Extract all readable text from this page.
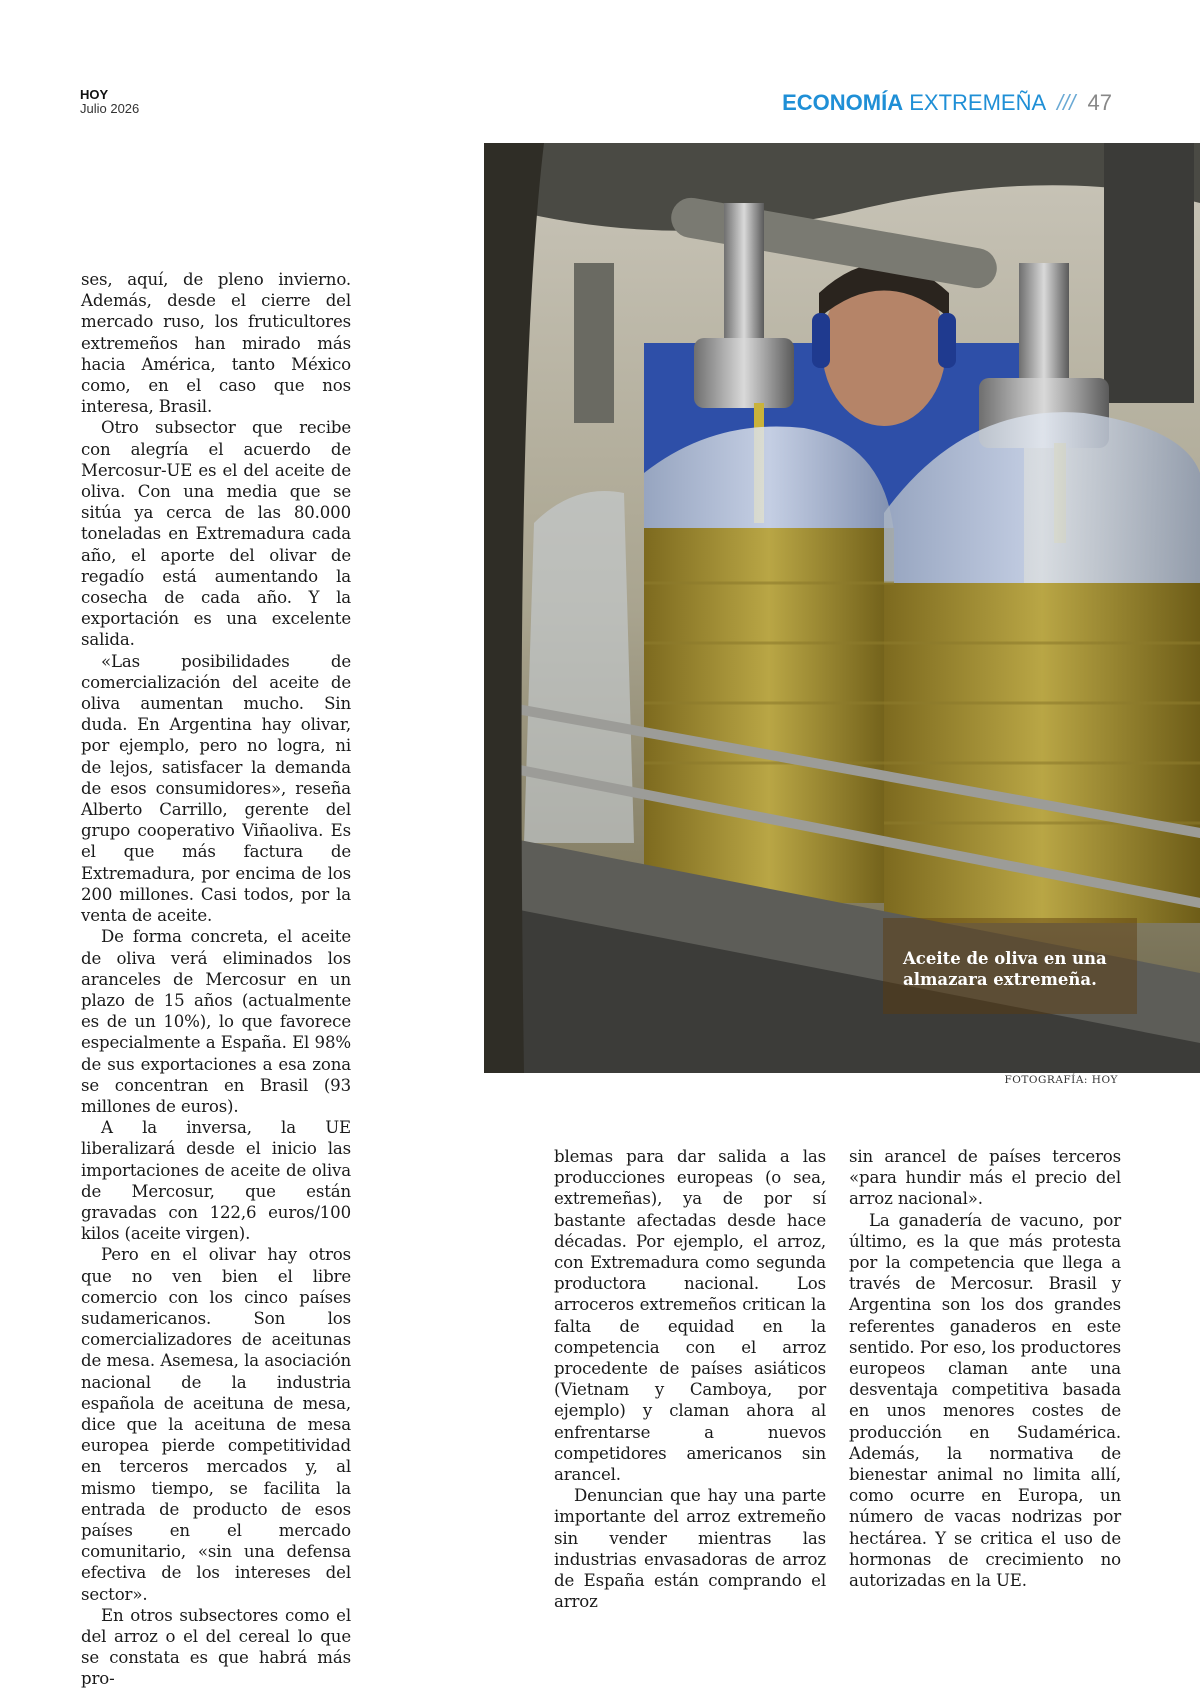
HOY
Julio 2026	ECONOMÍA EXTREMEÑA /// 47

ses, aquí, de pleno invierno. Además, desde el cierre del mercado ruso, los fruticultores extremeños han mirado más hacia América, tanto México como, en el caso que nos interesa, Brasil.

Otro subsector que recibe con alegría el acuerdo de Mercosur-UE es el del aceite de oliva. Con una media que se sitúa ya cerca de las 80.000 toneladas en Extremadura cada año, el aporte del olivar de regadío está aumentando la cosecha de cada año. Y la exportación es una excelente salida.

«Las posibilidades de comercialización del aceite de oliva aumentan mucho. Sin duda. En Argentina hay olivar, por ejemplo, pero no logra, ni de lejos, satisfacer la demanda de esos consumidores», reseña Alberto Carrillo, gerente del grupo cooperativo Viñaoliva. Es el que más factura de Extremadura, por encima de los 200 millones. Casi todos, por la venta de aceite.

De forma concreta, el aceite de oliva verá eliminados los aranceles de Mercosur en un plazo de 15 años (actualmente es de un 10%), lo que favorece especialmente a España. El 98% de sus exportaciones a esa zona se concentran en Brasil (93 millones de euros).

A la inversa, la UE liberalizará desde el inicio las importaciones de aceite de oliva de Mercosur, que están gravadas con 122,6 euros/100 kilos (aceite virgen).

Pero en el olivar hay otros que no ven bien el libre comercio con los cinco países sudamericanos. Son los comercializadores de aceitunas de mesa. Asemesa, la asociación nacional de la industria española de aceituna de mesa, dice que la aceituna de mesa europea pierde competitividad en terceros mercados y, al mismo tiempo, se facilita la entrada de producto de esos países en el mercado comunitario, «sin una defensa efectiva de los intereses del sector».

En otros subsectores como el del arroz o el del cereal lo que se constata es que habrá más pro-

Aceite de oliva en una almazara extremeña.
FOTOGRAFÍA: HOY

blemas para dar salida a las producciones europeas (o sea, extremeñas), ya de por sí bastante afectadas desde hace décadas. Por ejemplo, el arroz, con Extremadura como segunda productora nacional. Los arroceros extremeños critican la falta de equidad en la competencia con el arroz procedente de países asiáticos (Vietnam y Camboya, por ejemplo) y claman ahora al enfrentarse a nuevos competidores americanos sin arancel.

Denuncian que hay una parte importante del arroz extremeño sin vender mientras las industrias envasadoras de arroz de España están comprando el arroz

sin arancel de países terceros «para hundir más el precio del arroz nacional».

La ganadería de vacuno, por último, es la que más protesta por la competencia que llega a través de Mercosur. Brasil y Argentina son los dos grandes referentes ganaderos en este sentido. Por eso, los productores europeos claman ante una desventaja competitiva basada en unos menores costes de producción en Sudamérica. Además, la normativa de bienestar animal no limita allí, como ocurre en Europa, un número de vacas nodrizas por hectárea. Y se critica el uso de hormonas de crecimiento no autorizadas en la UE.
